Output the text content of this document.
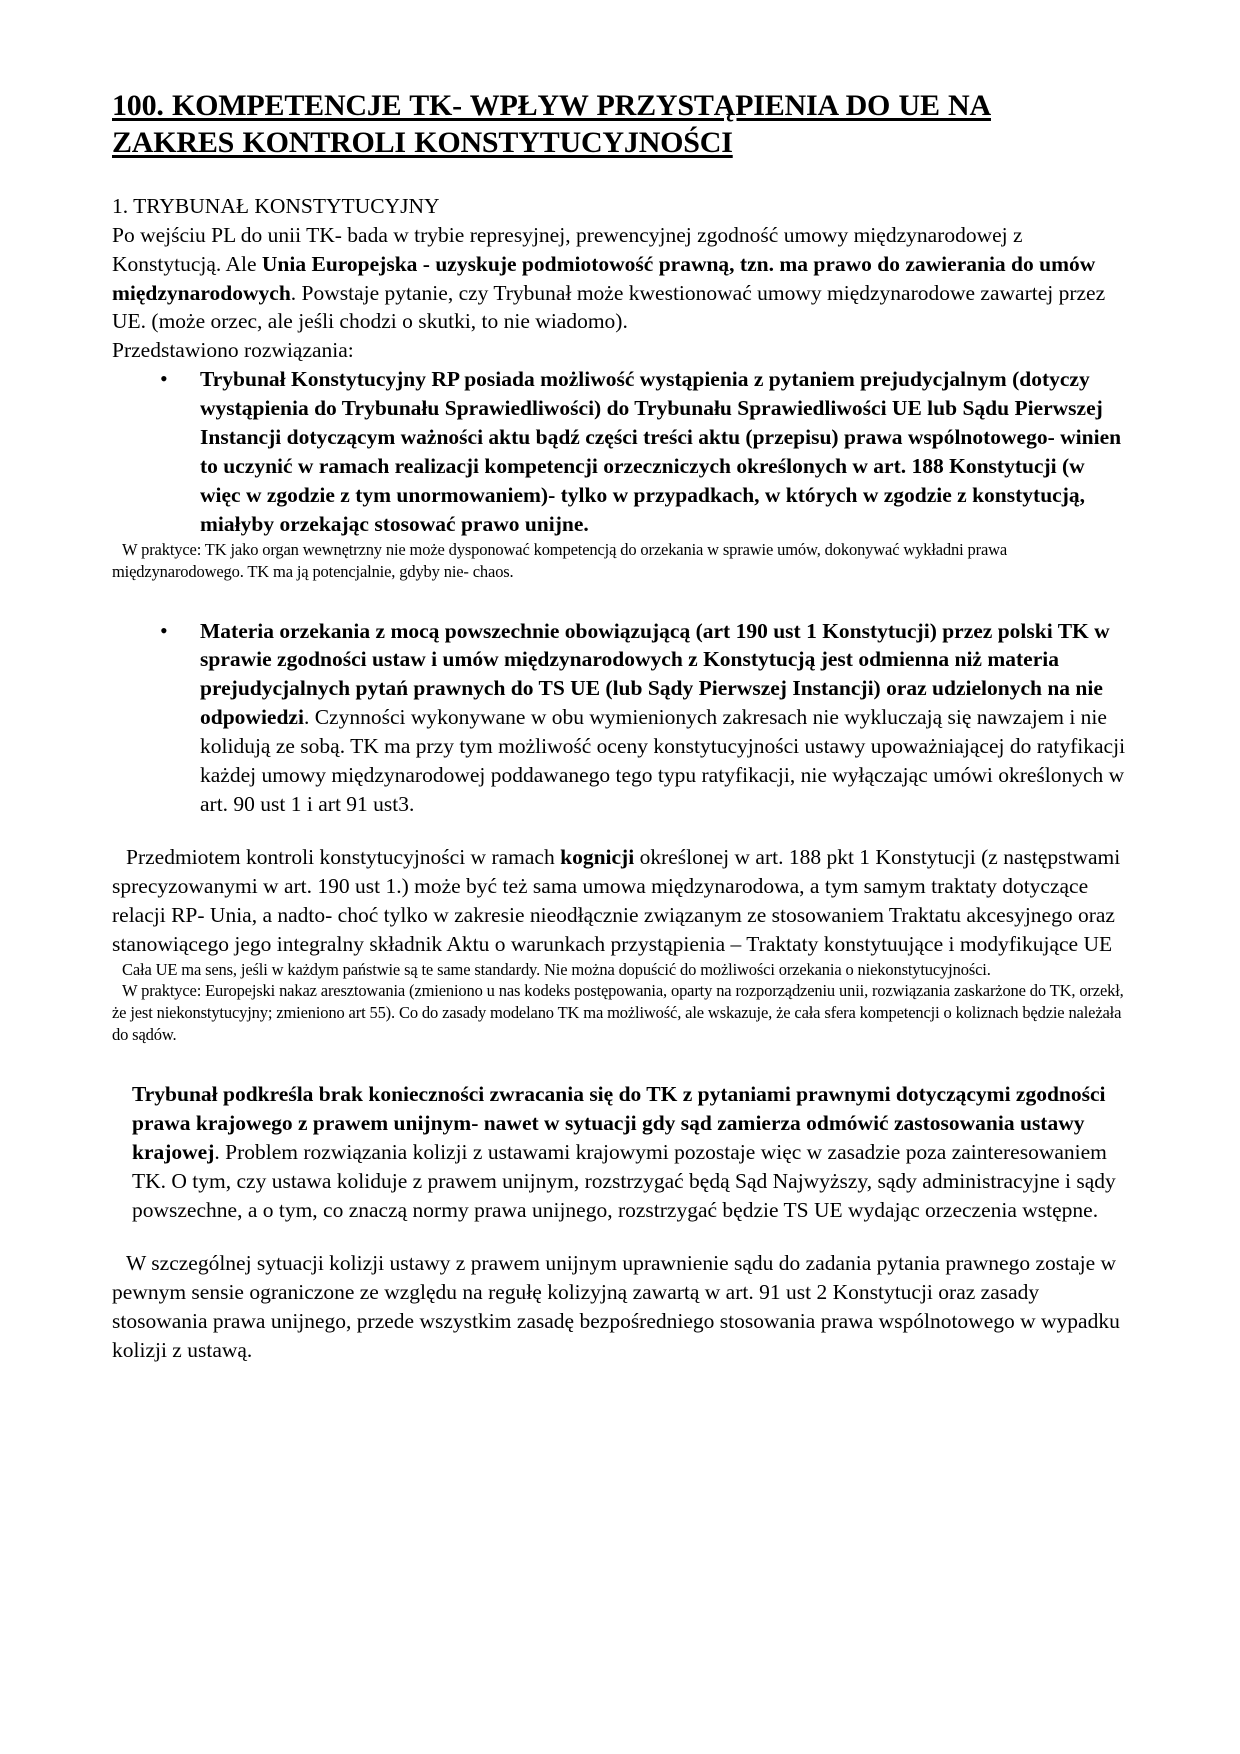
100. KOMPETENCJE TK- WPŁYW PRZYSTĄPIENIA DO UE NA
ZAKRES KONTROLI KONSTYTUCYJNOŚCI

1. TRYBUNAŁ KONSTYTUCYJNY

Po wejściu PL do unii TK- bada w trybie represyjnej, prewencyjnej zgodność umowy międzynarodowej z Konstytucją. Ale Unia Europejska - uzyskuje podmiotowość prawną, tzn. ma prawo do zawierania do umów międzynarodowych. Powstaje pytanie, czy Trybunał może kwestionować umowy międzynarodowe zawartej przez UE. (może orzec, ale jeśli chodzi o skutki, to nie wiadomo).

Przedstawiono rozwiązania:

• Trybunał Konstytucyjny RP posiada możliwość wystąpienia z pytaniem prejudycjalnym (dotyczy wystąpienia do Trybunału Sprawiedliwości) do Trybunału Sprawiedliwości UE lub Sądu Pierwszej Instancji dotyczącym ważności aktu bądź części treści aktu (przepisu) prawa wspólnotowego- winien to uczynić w ramach realizacji kompetencji orzeczniczych określonych w art. 188 Konstytucji (w więc w zgodzie z tym unormowaniem)- tylko w przypadkach, w których w zgodzie z konstytucją, miałyby orzekając stosować prawo unijne.

W praktyce: TK jako organ wewnętrzny nie może dysponować kompetencją do orzekania w sprawie umów, dokonywać wykładni prawa międzynarodowego. TK ma ją potencjalnie, gdyby nie- chaos.

• Materia orzekania z mocą powszechnie obowiązującą (art 190 ust 1 Konstytucji) przez polski TK w sprawie zgodności ustaw i umów międzynarodowych z Konstytucją jest odmienna niż materia prejudycjalnych pytań prawnych do TS UE (lub Sądy Pierwszej Instancji) oraz udzielonych na nie odpowiedzi. Czynności wykonywane w obu wymienionych zakresach nie wykluczają się nawzajem i nie kolidują ze sobą. TK ma przy tym możliwość oceny konstytucyjności ustawy upoważniającej do ratyfikacji każdej umowy międzynarodowej poddawanego tego typu ratyfikacji, nie wyłączając umówi określonych w art. 90 ust 1 i art 91 ust3.

Przedmiotem kontroli konstytucyjności w ramach kognicji określonej w art. 188 pkt 1 Konstytucji (z następstwami sprecyzowanymi w art. 190 ust 1.) może być też sama umowa międzynarodowa, a tym samym traktaty dotyczące relacji RP- Unia, a nadto- choć tylko w zakresie nieodłącznie związanym ze stosowaniem Traktatu akcesyjnego oraz stanowiącego jego integralny składnik Aktu o warunkach przystąpienia – Traktaty konstytuujące i modyfikujące UE

Cała UE ma sens, jeśli w każdym państwie są te same standardy. Nie można dopuścić do możliwości orzekania o niekonstytucyjności.

W praktyce: Europejski nakaz aresztowania (zmieniono u nas kodeks postępowania, oparty na rozporządzeniu unii, rozwiązania zaskarżone do TK, orzekł, że jest niekonstytucyjny; zmieniono art 55). Co do zasady modelano TK ma możliwość, ale wskazuje, że cała sfera kompetencji o koliznach będzie należała do sądów.

Trybunał podkreśla brak konieczności zwracania się do TK z pytaniami prawnymi dotyczącymi zgodności prawa krajowego z prawem unijnym- nawet w sytuacji gdy sąd zamierza odmówić zastosowania ustawy krajowej. Problem rozwiązania kolizji z ustawami krajowymi pozostaje więc w zasadzie poza zainteresowaniem TK. O tym, czy ustawa koliduje z prawem unijnym, rozstrzygać będą Sąd Najwyższy, sądy administracyjne i sądy powszechne, a o tym, co znaczą normy prawa unijnego, rozstrzygać będzie TS UE wydając orzeczenia wstępne.

W szczególnej sytuacji kolizji ustawy z prawem unijnym uprawnienie sądu do zadania pytania prawnego zostaje w pewnym sensie ograniczone ze względu na regułę kolizyjną zawartą w art. 91 ust 2 Konstytucji oraz zasady stosowania prawa unijnego, przede wszystkim zasadę bezpośredniego stosowania prawa wspólnotowego w wypadku kolizji z ustawą.
